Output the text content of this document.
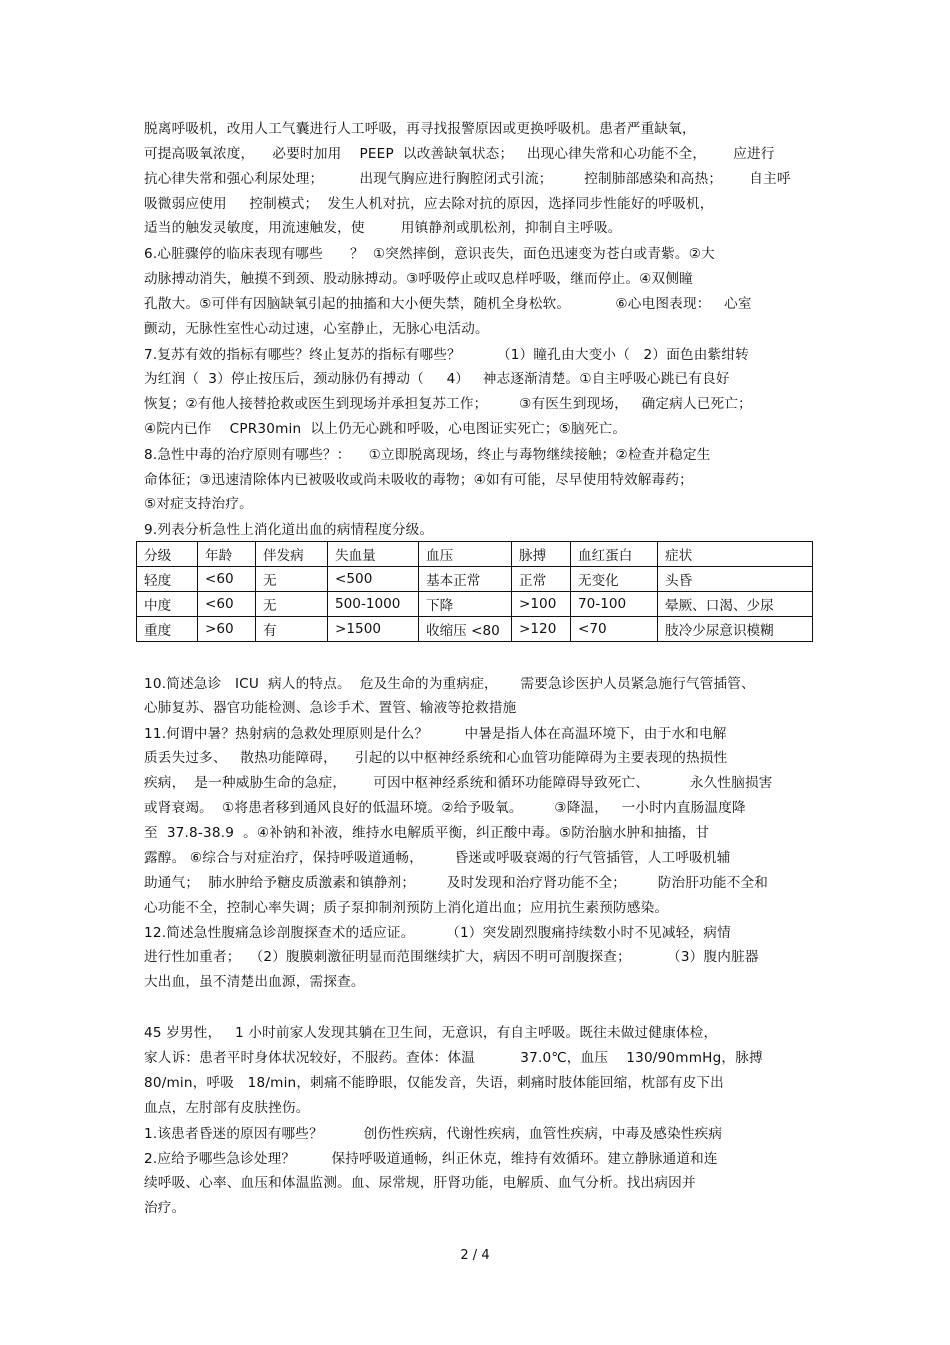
脱离呼吸机，改用人工气囊进行人工呼吸，再寻找报警原因或更换呼吸机。患者严重缺氧，
可提高吸氧浓度，    必要时加用    PEEP  以改善缺氧状态；   出现心律失常和心功能不全，      应进行
抗心律失常和强心利尿处理；        出现气胸应进行胸腔闭式引流；       控制肺部感染和高热；      自主呼
吸微弱应使用     控制模式；  发生人机对抗，应去除对抗的原因，选择同步性能好的呼吸机，
适当的触发灵敏度，用流速触发，使        用镇静剂或肌松剂，抑制自主呼吸。
6.心脏骤停的临床表现有哪些      ？  ①突然摔倒，意识丧失，面色迅速变为苍白或青紫。②大
动脉搏动消失，触摸不到颈、股动脉搏动。③呼吸停止或叹息样呼吸，继而停止。④双侧瞳
孔散大。⑤可伴有因脑缺氧引起的抽搐和大小便失禁，随机全身松软。          ⑥心电图表现：   心室
颤动，无脉性室性心动过速，心室静止，无脉心电活动。
7.复苏有效的指标有哪些？终止复苏的指标有哪些？        （1）瞳孔由大变小（   2）面色由紫绀转
为红润（  3）停止按压后，颈动脉仍有搏动（     4）   神志逐渐清楚。①自主呼吸心跳已有良好
恢复；②有他人接替抢救或医生到现场并承担复苏工作；       ③有医生到现场，   确定病人已死亡；
④院内已作    CPR30min  以上仍无心跳和呼吸，心电图证实死亡；⑤脑死亡。
8.急性中毒的治疗原则有哪些？：    ①立即脱离现场，终止与毒物继续接触；②检查并稳定生
命体征；③迅速清除体内已被吸收或尚未吸收的毒物；④如有可能，尽早使用特效解毒药；
⑤对症支持治疗。
9.列表分析急性上消化道出血的病情程度分级。
分级	年龄	伴发病	失血量	血压	脉搏	血红蛋白	症状
轻度	<60	无	<500	基本正常	正常	无变化	头昏
中度	<60	无	500-1000	下降	>100	70-100	晕厥、口渴、少尿
重度	>60	有	>1500	收缩压 <80	>120	<70	肢冷少尿意识模糊
10.简述急诊   ICU  病人的特点。  危及生命的为重病症，     需要急诊医护人员紧急施行气管插管、
心肺复苏、器官功能检测、急诊手术、置管、输液等抢救措施
11.何谓中暑？热射病的急救处理原则是什么？        中暑是指人体在高温环境下，由于水和电解
质丢失过多、   散热功能障碍，    引起的以中枢神经系统和心血管功能障碍为主要表现的热损性
疾病，  是一种威胁生命的急症，      可因中枢神经系统和循环功能障碍导致死亡、         永久性脑损害
或肾衰竭。  ①将患者移到通风良好的低温环境。②给予吸氧。       ③降温，   一小时内直肠温度降
至  37.8-38.9  。④补钠和补液，维持水电解质平衡，纠正酸中毒。⑤防治脑水肿和抽搐，甘
露醇。 ⑥综合与对症治疗，保持呼吸道通畅，       昏迷或呼吸衰竭的行气管插管，人工呼吸机辅
助通气；  肺水肿给予糖皮质激素和镇静剂；       及时发现和治疗肾功能不全；       防治肝功能不全和
心功能不全，控制心率失调；质子泵抑制剂预防上消化道出血；应用抗生素预防感染。
12.简述急性腹痛急诊剖腹探查术的适应证。       （1）突发剧烈腹痛持续数小时不见减轻，病情
进行性加重者；  （2）腹膜刺激征明显而范围继续扩大，病因不明可剖腹探查；        （3）腹内脏器
大出血，虽不清楚出血源，需探查。
45 岁男性，   1 小时前家人发现其躺在卫生间，无意识，有自主呼吸。既往未做过健康体检，
家人诉：患者平时身体状况较好，不服药。查体：体温          37.0℃，血压    130/90mmHg，脉搏
80/min，呼吸   18/min，刺痛不能睁眼，仅能发音，失语，刺痛时肢体能回缩，枕部有皮下出
血点，左肘部有皮肤挫伤。
1.该患者昏迷的原因有哪些？         创伤性疾病，代谢性疾病，血管性疾病，中毒及感染性疾病
2.应给予哪些急诊处理？        保持呼吸道通畅，纠正休克，维持有效循环。建立静脉通道和连
续呼吸、心率、血压和体温监测。血、尿常规，肝肾功能，电解质、血气分析。找出病因并
治疗。
2 / 4
